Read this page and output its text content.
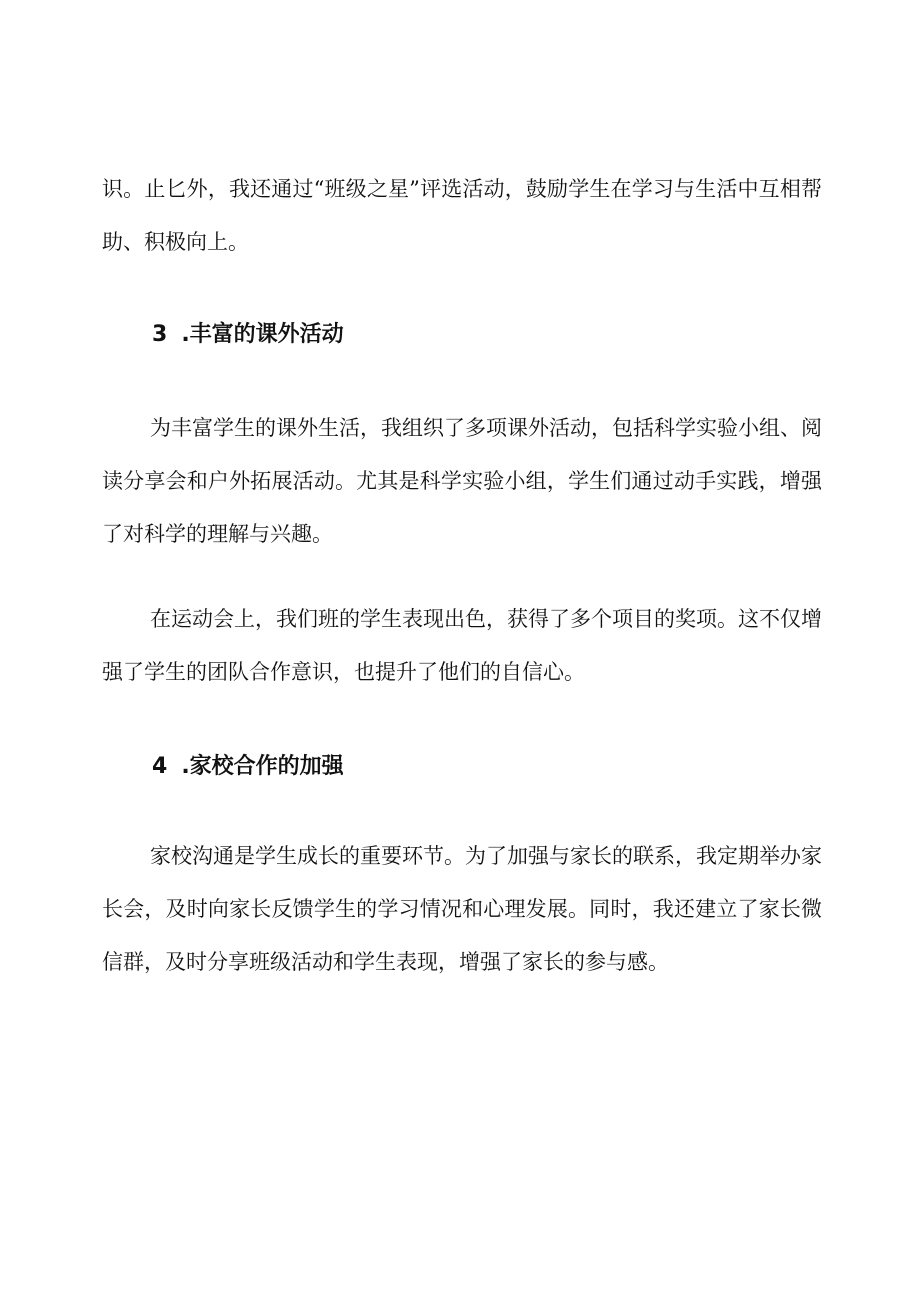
识。止匕外，我还通过“班级之星”评选活动，鼓励学生在学习与生活中互相帮助、积极向上。

3 .丰富的课外活动

为丰富学生的课外生活，我组织了多项课外活动，包括科学实验小组、阅读分享会和户外拓展活动。尤其是科学实验小组，学生们通过动手实践，增强了对科学的理解与兴趣。

在运动会上，我们班的学生表现出色，获得了多个项目的奖项。这不仅增强了学生的团队合作意识，也提升了他们的自信心。

4 .家校合作的加强

家校沟通是学生成长的重要环节。为了加强与家长的联系，我定期举办家长会，及时向家长反馈学生的学习情况和心理发展。同时，我还建立了家长微信群，及时分享班级活动和学生表现，增强了家长的参与感。
